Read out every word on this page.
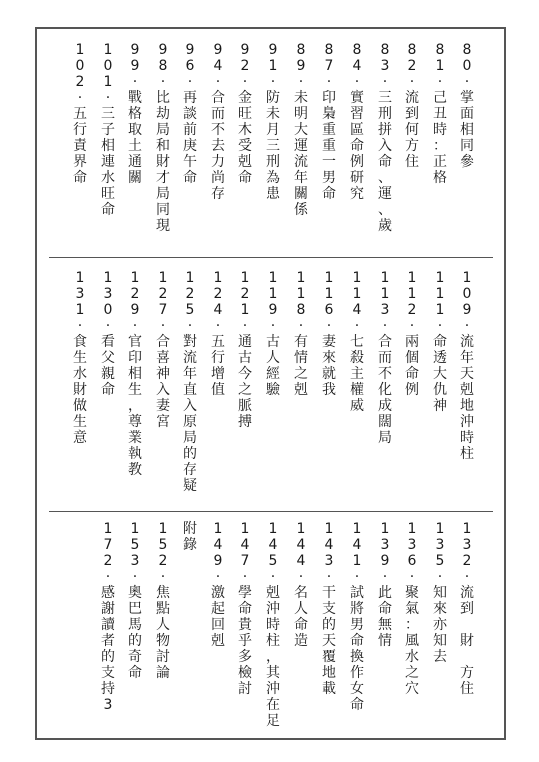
8
0
·
掌
面
相
同
參
8
1
·
己
丑
時
：
正
格
8
2
·
流
到
何
方
住
8
3
·
三
刑
拼
入
命
、
運
、
歲
8
4
·
實
習
區
命
例
研
究
8
7
·
印
梟
重
重
一
男
命
8
9
·
未
明
大
運
流
年
關
係
9
1
·
防
未
月
三
刑
為
患
9
2
·
金
旺
木
受
剋
命
9
4
·
合
而
不
去
力
尚
存
9
6
·
再
談
前
庚
午
命
9
8
·
比
劫
局
和
財
才
局
同
現
9
9
·
戰
格
取
土
通
關
1
0
1
·
三
子
相
連
水
旺
命
1
0
2
·
五
行
責
界
命
1
0
9
·
流
年
天
剋
地
沖
時
柱
1
1
1
·
命
透
大
仇
神
1
1
2
·
兩
個
命
例
1
1
3
·
合
而
不
化
成
闊
局
1
1
4
·
七
殺
主
權
威
1
1
6
·
妻
來
就
我
1
1
8
·
有
情
之
剋
1
1
9
·
古
人
經
驗
1
2
1
·
通
古
今
之
脈
搏
1
2
4
·
五
行
增
值
1
2
5
·
對
流
年
直
入
原
局
的
存
疑
1
2
7
·
合
喜
神
入
妻
宮
1
2
9
·
官
印
相
生
，
尊
業
執
教
1
3
0
·
看
父
親
命
1
3
1
·
食
生
水
財
做
生
意
1
3
2
·
流
到

財

方
住
1
3
5
·
知
來
亦
知
去
1
3
6
·
聚
氣
：
風
水
之
穴
1
3
9
·
此
命
無
情
1
4
1
·
試
將
男
命
換
作
女
命
1
4
3
·
干
支
的
天
覆
地
載
1
4
4
·
名
人
命
造
1
4
5
·
剋
沖
時
柱
，
其
沖
在
足
1
4
7
·
學
命
貴
乎
多
檢
討
1
4
9
·
激
起
回
剋
附
錄
1
5
2
·
焦
點
人
物
討
論
1
5
3
·
奧
巴
馬
的
奇
命
1
7
2
·
感
謝
讀
者
的
支
持
3
